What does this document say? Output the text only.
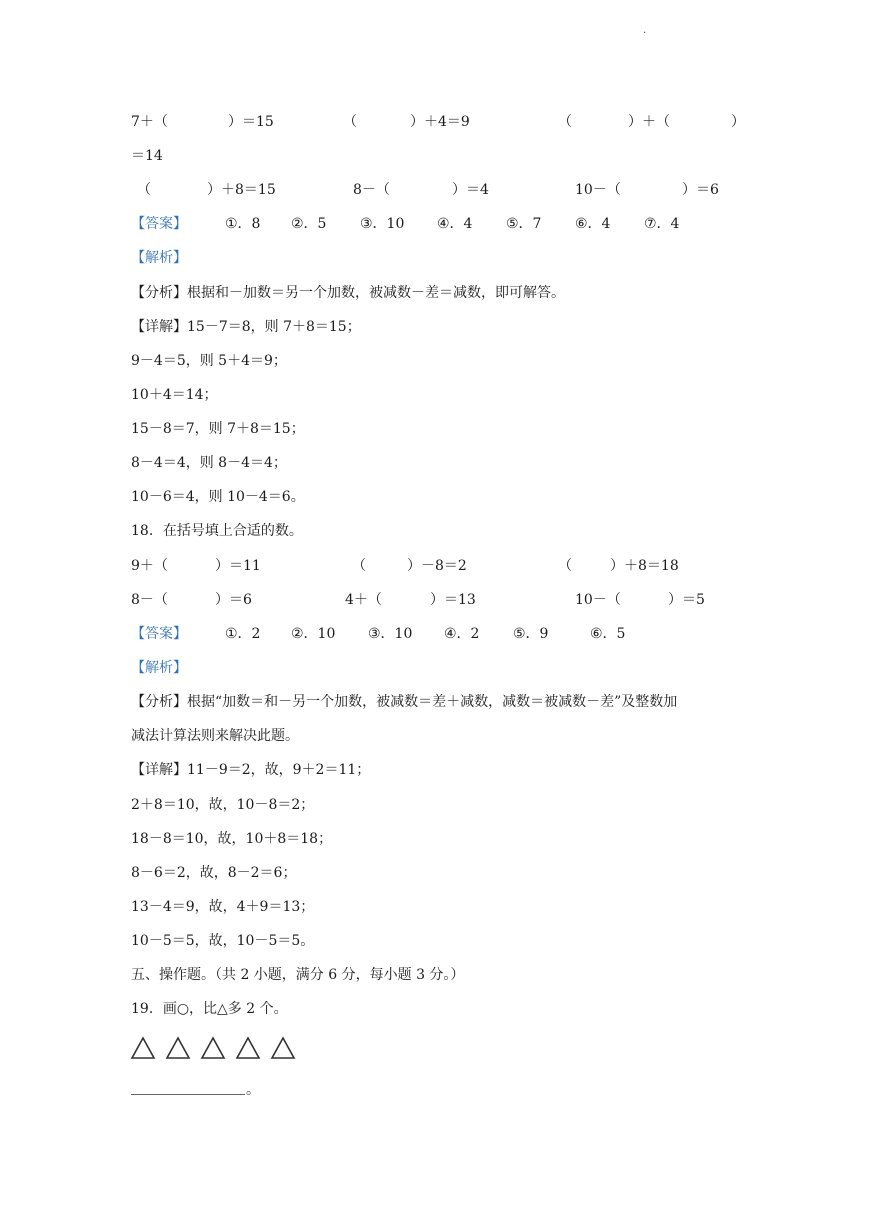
·
7＋（	）＝15	（	）＋4＝9	（	）＋（	）
＝14
（	）＋8＝15	8－（	）＝4	10－（	）＝6
【答案】	①．8 ②．5 ③．10 ④．4 ⑤．7 ⑥．4 ⑦．4
【解析】
【分析】根据和－加数＝另一个加数，被减数－差＝减数，即可解答。
【详解】15－7＝8，则 7＋8＝15；
9－4＝5，则 5＋4＝9；
10＋4＝14；
15－8＝7，则 7＋8＝15；
8－4＝4，则 8－4＝4；
10－6＝4，则 10－4＝6。
18．在括号填上合适的数。
9＋（	）＝11	（	）－8＝2	（	）＋8＝18
8－（	）＝6	4＋（	）＝13	10－（	）＝5
【答案】	①．2 ②．10 ③．10 ④．2 ⑤．9	⑥．5
【解析】
【分析】根据“加数＝和－另一个加数，被减数＝差＋减数，减数＝被减数－差”及整数加
减法计算法则来解决此题。
【详解】11－9＝2，故，9＋2＝11；
2＋8＝10，故，10－8＝2；
18－8＝10，故，10＋8＝18；
8－6＝2，故，8－2＝6；
13－4＝9，故，4＋9＝13；
10－5＝5，故，10－5＝5。
五、操作题。（共 2 小题，满分 6 分，每小题 3 分。）
19．画○，比△多 2 个。
。
